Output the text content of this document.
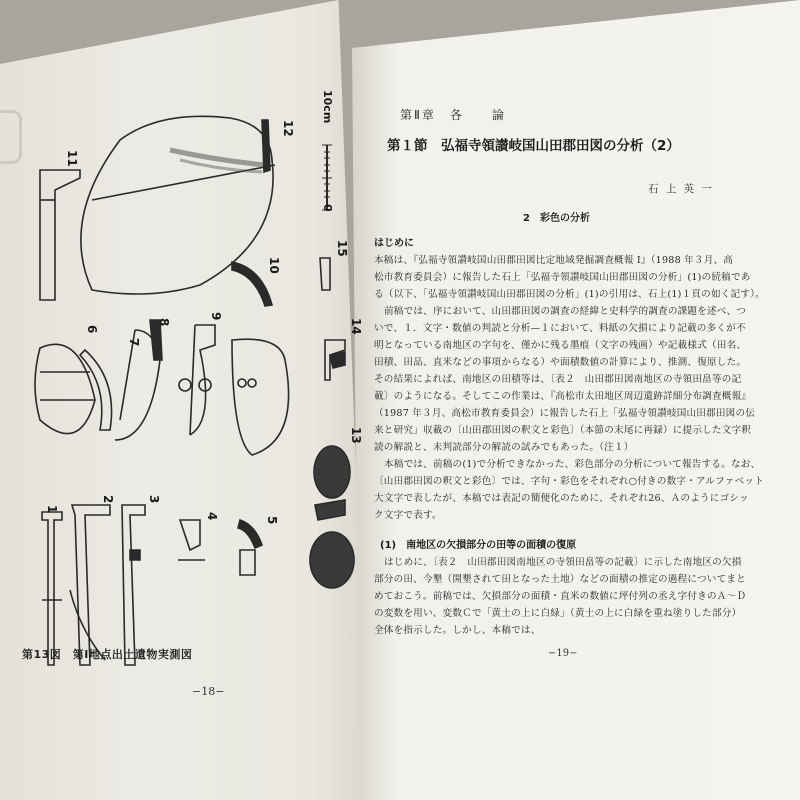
11
12
10
15
6
7
8
9
14
13
1
2	3
4	5
10cm
0
第13図　第Ⅰ地点出土遺物実測図
−18−
第Ⅱ章　各　　論
第１節　弘福寺領讃岐国山田郡田図の分析（2）
石 上 英 一
2　彩色の分析
はじめに
本稿は、『弘福寺領讃岐国山田郡田図比定地域発掘調査概報 Ⅰ』（1988 年３月、高
松市教育委員会）に報告した石上「弘福寺領讃岐国山田郡田図の分析」(1)の続稿であ
る（以下、「弘福寺領讃岐国山田郡田図の分析」(1)の引用は、石上(1)１頁の如く記す）。
前稿では、序において、山田郡田図の調査の経緯と史料学的調査の課題を述べ、つ
いで、１．文字・数値の判読と分析—１において、料紙の欠損により記載の多くが不
明となっている南地区の字句を、僅かに残る墨痕（文字の残画）や記載様式（田名、
田積、田品、直米などの事項からなる）や面積数値の計算により、推測、復原した。
その結果によれば、南地区の田積等は、〔表２　山田郡田図南地区の寺領田畠等の記
載〕のようになる。そしてこの作業は、『高松市太田地区周辺遺跡詳細分布調査概報』
（1987 年３月、高松市教育委員会）に報告した石上「弘福寺領讃岐国山田郡田図の伝
来と研究」収載の〔山田郡田図の釈文と彩色〕（本節の末尾に再録）に提示した文字釈
読の解説と、未判読部分の解読の試みでもあった。（注１）
本稿では、前稿の(1)で分析できなかった、彩色部分の分析について報告する。なお、
〔山田郡田図の釈文と彩色〕では、字句・彩色をそれぞれ○付きの数字・アルファベット
大文字で表したが、本稿では表記の簡便化のために、それぞれ26、Ａのようにゴシッ
ク文字で表す。
(1)　南地区の欠損部分の田等の面積の復原
はじめに、〔表２　山田郡田図南地区の寺領田畠等の記載〕に示した南地区の欠損
部分の田、今墾（開墾されて田となった土地）などの面積の推定の過程についてまと
めておこう。前稿では、欠損部分の面積・直米の数値に坪付列の丞え字付きのＡ～Ｄ
の変数を用い、変数Ｃで「黄土の上に白緑」（黄土の上に白緑を重ね塗りした部分）
全体を指示した。しかし、本稿では、
−19−
